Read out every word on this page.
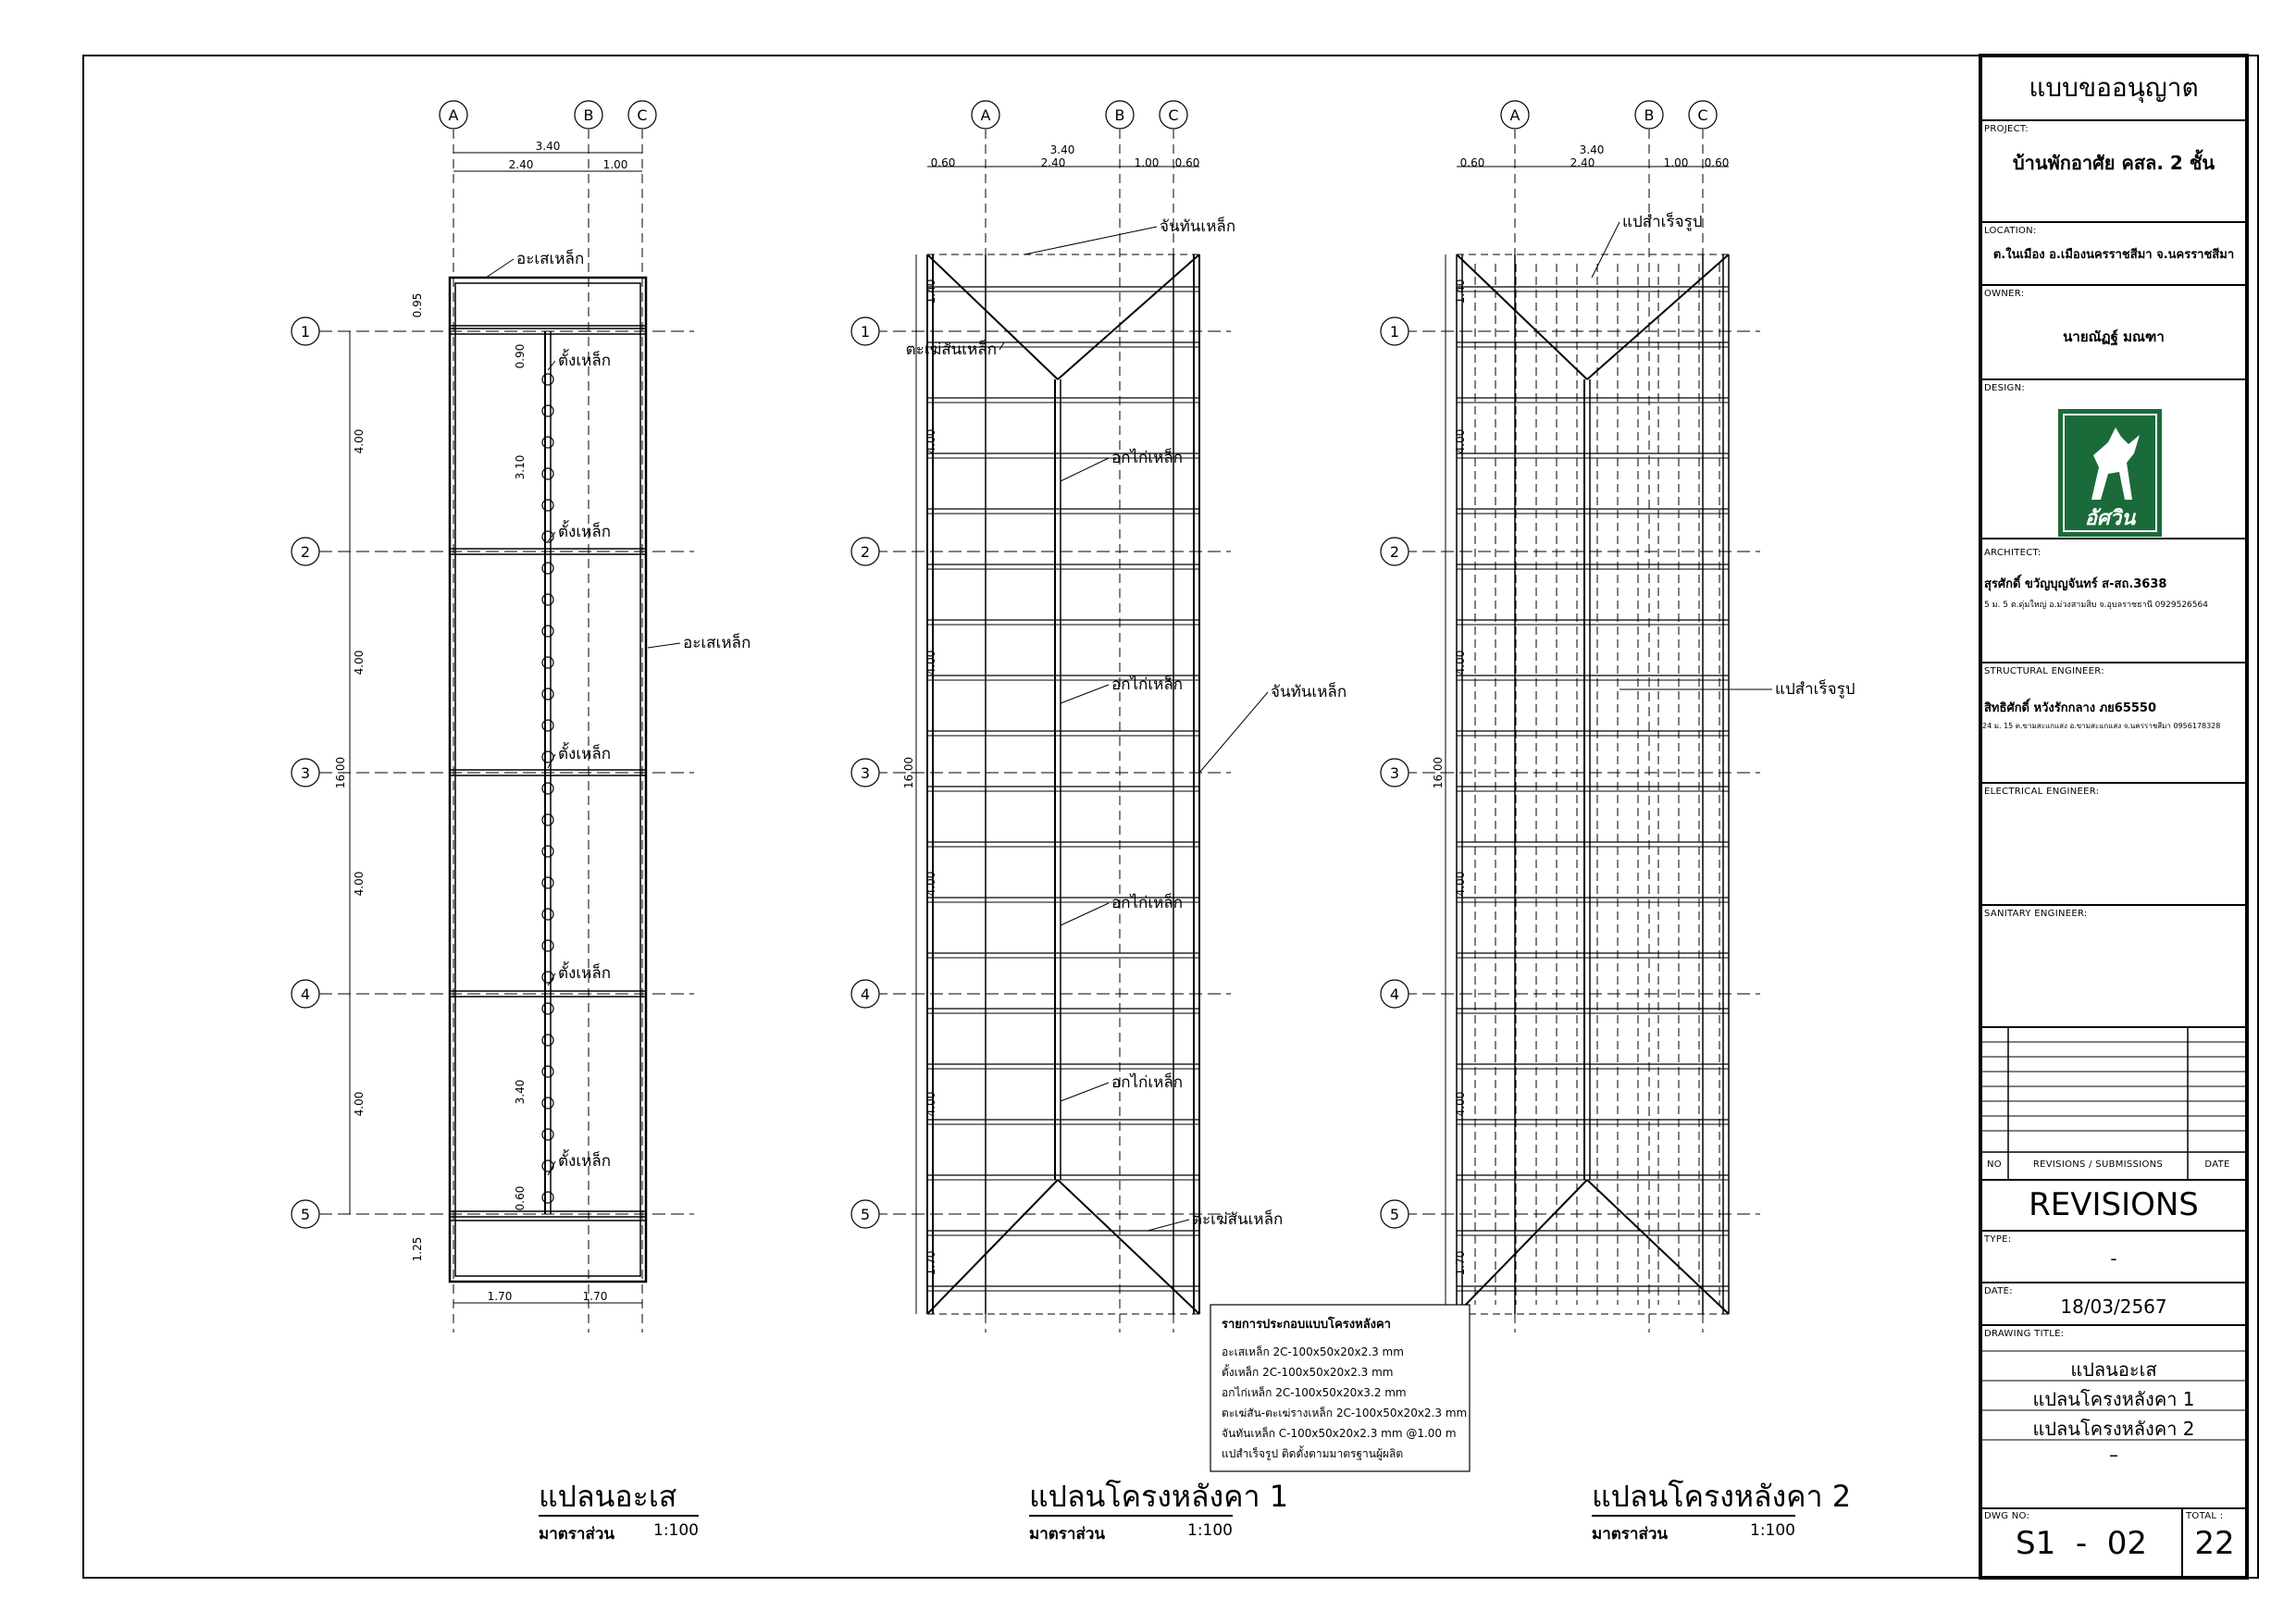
A	B	C
1
2
3
4
5
3.40
2.40	1.00
16.00
4.00
4.00
4.00
4.00
0.95
1.25
0.90
3.10
3.40
0.60
1.70	1.70
อะเสเหล็ก
อะเสเหล็ก
ตั้งเหล็ก
ตั้งเหล็ก
ตั้งเหล็ก
ตั้งเหล็ก
ตั้งเหล็ก
A	B	C
1
2
3
4
5
3.40
0.60	2.40	1.00 0.60
16.00
4.00
4.00
4.00
4.00
1.40
1.70
จันทันเหล็ก
ตะเฆ่สันเหล็ก
อกไก่เหล็ก
อกไก่เหล็ก	จันทันเหล็ก
อกไก่เหล็ก
อกไก่เหล็ก
ตะเฆ่สันเหล็ก
A	B	C
1
2
3
4
5
3.40
0.60	2.40	1.00 0.60
16.00
4.00
4.00
4.00
4.00
1.40
1.70
แปสำเร็จรูป
แปสำเร็จรูป
แบบขออนุญาต
PROJECT:
บ้านพักอาศัย คสล. 2 ชั้น
LOCATION:
ต.ในเมือง อ.เมืองนครราชสีมา จ.นครราชสีมา
OWNER:
นายณัฏฐ์ มณฑา
DESIGN:
อัศวิน
ARCHITECT:
สุรศักดิ์ ขวัญบุญจันทร์ ส-สถ.3638
5 ม. 5 ต.ดุ่มใหญ่ อ.ม่วงสามสิบ จ.อุบลราชธานี 0929526564
STRUCTURAL ENGINEER:
สิทธิศักดิ์ หวังรักกลาง ภย65550
24 ม. 15 ต.ขามสะแกแสง อ.ขามสะแกแสง จ.นครราชสีมา 0956178328
ELECTRICAL ENGINEER:
SANITARY ENGINEER:
NO	REVISIONS / SUBMISSIONS	DATE
REVISIONS
TYPE:
-
DATE:
18/03/2567
DRAWING TITLE:
แปลนอะเส
แปลนโครงหลังคา 1
แปลนโครงหลังคา 2
–
DWG NO:
S1  -  02
TOTAL :
22
แปลนอะเส
มาตราส่วน 1:100
แปลนโครงหลังคา 1
มาตราส่วน	1:100
แปลนโครงหลังคา 2
มาตราส่วน	1:100
รายการประกอบแบบโครงหลังคา
อะเสเหล็ก 2C-100x50x20x2.3 mm
ตั้งเหล็ก 2C-100x50x20x2.3 mm
อกไก่เหล็ก 2C-100x50x20x3.2 mm
ตะเฆ่สัน-ตะเฆ่รางเหล็ก 2C-100x50x20x2.3 mm
จันทันเหล็ก C-100x50x20x2.3 mm @1.00 m
แปสำเร็จรูป ติดตั้งตามมาตรฐานผู้ผลิต
